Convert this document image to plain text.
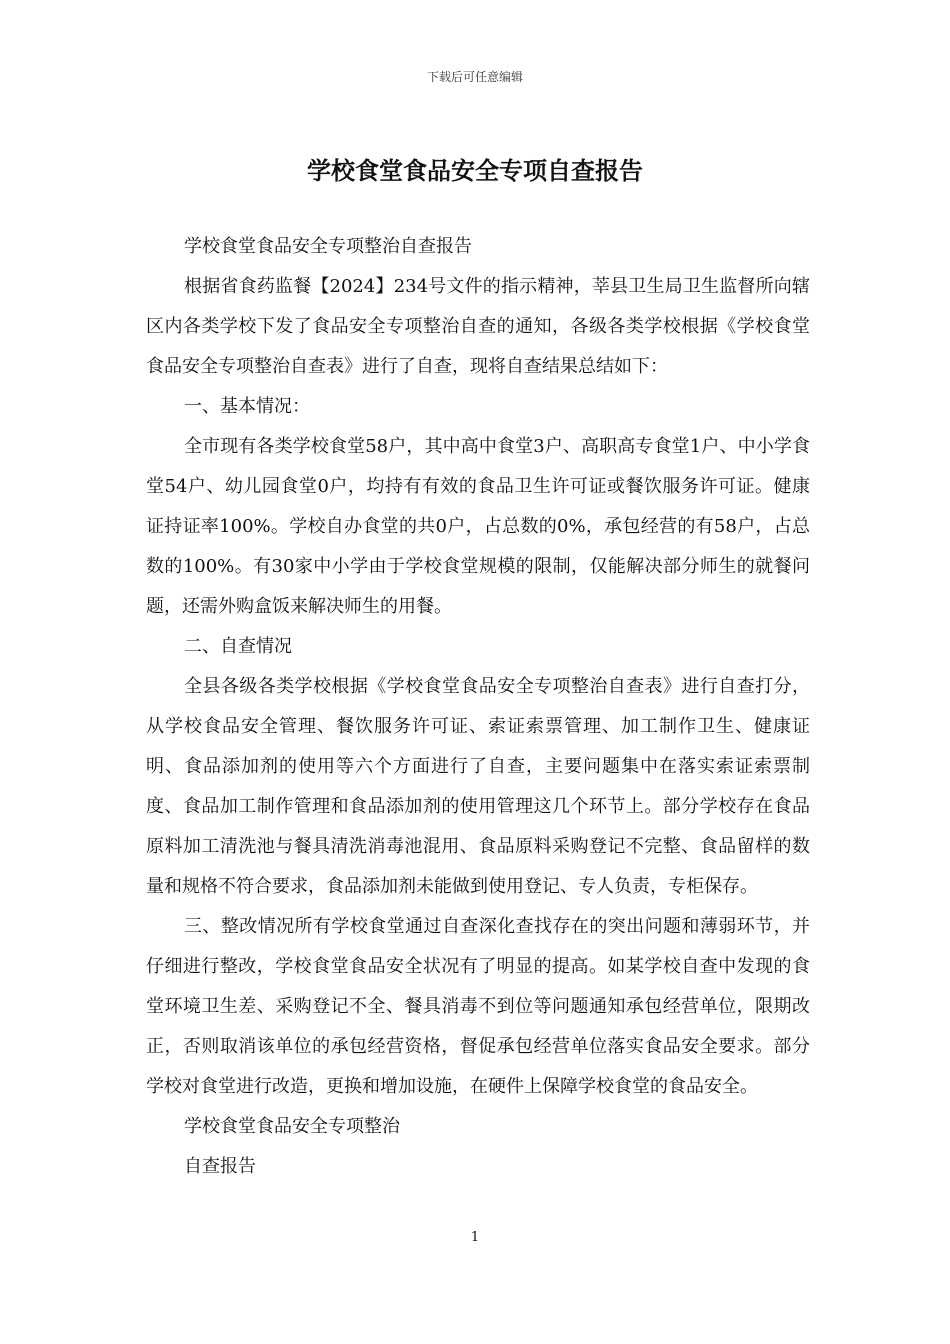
下载后可任意编辑
学校食堂食品安全专项自查报告

学校食堂食品安全专项整治自查报告

根据省食药监餐【2024】234号文件的指示精神，莘县卫生局卫生监督所向辖区内各类学校下发了食品安全专项整治自查的通知，各级各类学校根据《学校食堂食品安全专项整治自查表》进行了自查，现将自查结果总结如下：

一、基本情况：

全市现有各类学校食堂58户，其中高中食堂3户、高职高专食堂1户、中小学食堂54户、幼儿园食堂0户，均持有有效的食品卫生许可证或餐饮服务许可证。健康证持证率100%。学校自办食堂的共0户，占总数的0%，承包经营的有58户，占总数的100%。有30家中小学由于学校食堂规模的限制，仅能解决部分师生的就餐问题，还需外购盒饭来解决师生的用餐。

二、自查情况

全县各级各类学校根据《学校食堂食品安全专项整治自查表》进行自查打分，从学校食品安全管理、餐饮服务许可证、索证索票管理、加工制作卫生、健康证明、食品添加剂的使用等六个方面进行了自查，主要问题集中在落实索证索票制度、食品加工制作管理和食品添加剂的使用管理这几个环节上。部分学校存在食品原料加工清洗池与餐具清洗消毒池混用、食品原料采购登记不完整、食品留样的数量和规格不符合要求，食品添加剂未能做到使用登记、专人负责，专柜保存。

三、整改情况所有学校食堂通过自查深化查找存在的突出问题和薄弱环节，并仔细进行整改，学校食堂食品安全状况有了明显的提高。如某学校自查中发现的食堂环境卫生差、采购登记不全、餐具消毒不到位等问题通知承包经营单位，限期改正，否则取消该单位的承包经营资格，督促承包经营单位落实食品安全要求。部分学校对食堂进行改造，更换和增加设施，在硬件上保障学校食堂的食品安全。

学校食堂食品安全专项整治

自查报告

1
